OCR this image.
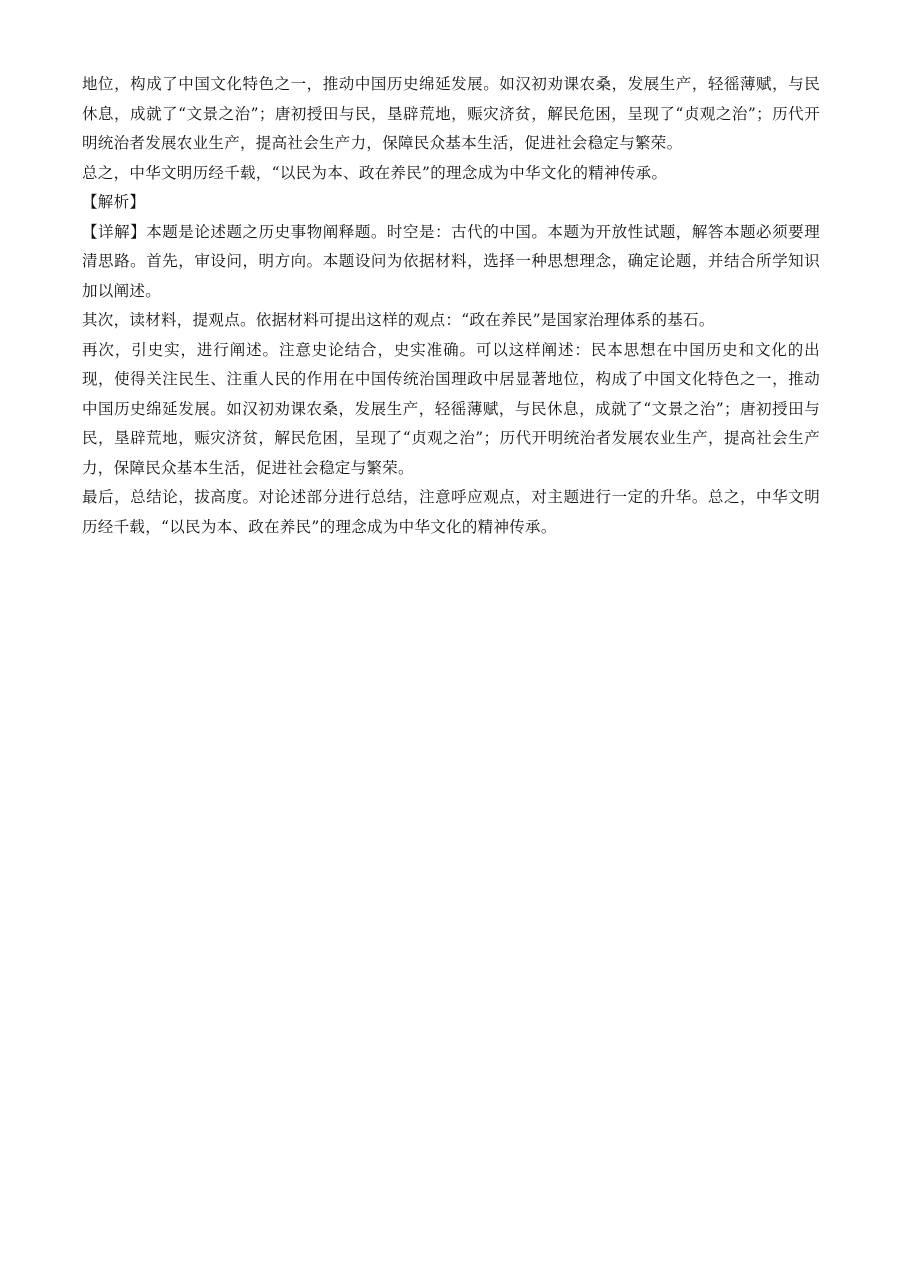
地位，构成了中国文化特色之一，推动中国历史绵延发展。如汉初劝课农桑，发展生产，轻徭薄赋，与民休息，成就了“文景之治”；唐初授田与民，垦辟荒地，赈灾济贫，解民危困，呈现了“贞观之治”；历代开明统治者发展农业生产，提高社会生产力，保障民众基本生活，促进社会稳定与繁荣。

总之，中华文明历经千载，“以民为本、政在养民”的理念成为中华文化的精神传承。

【解析】

【详解】本题是论述题之历史事物阐释题。时空是：古代的中国。本题为开放性试题，解答本题必须要理清思路。首先，审设问，明方向。本题设问为依据材料，选择一种思想理念，确定论题，并结合所学知识加以阐述。

其次，读材料，提观点。依据材料可提出这样的观点：“政在养民”是国家治理体系的基石。

再次，引史实，进行阐述。注意史论结合，史实准确。可以这样阐述：民本思想在中国历史和文化的出现，使得关注民生、注重人民的作用在中国传统治国理政中居显著地位，构成了中国文化特色之一，推动中国历史绵延发展。如汉初劝课农桑，发展生产，轻徭薄赋，与民休息，成就了“文景之治”；唐初授田与民，垦辟荒地，赈灾济贫，解民危困，呈现了“贞观之治”；历代开明统治者发展农业生产，提高社会生产力，保障民众基本生活，促进社会稳定与繁荣。

最后，总结论，拔高度。对论述部分进行总结，注意呼应观点，对主题进行一定的升华。总之，中华文明历经千载，“以民为本、政在养民”的理念成为中华文化的精神传承。
